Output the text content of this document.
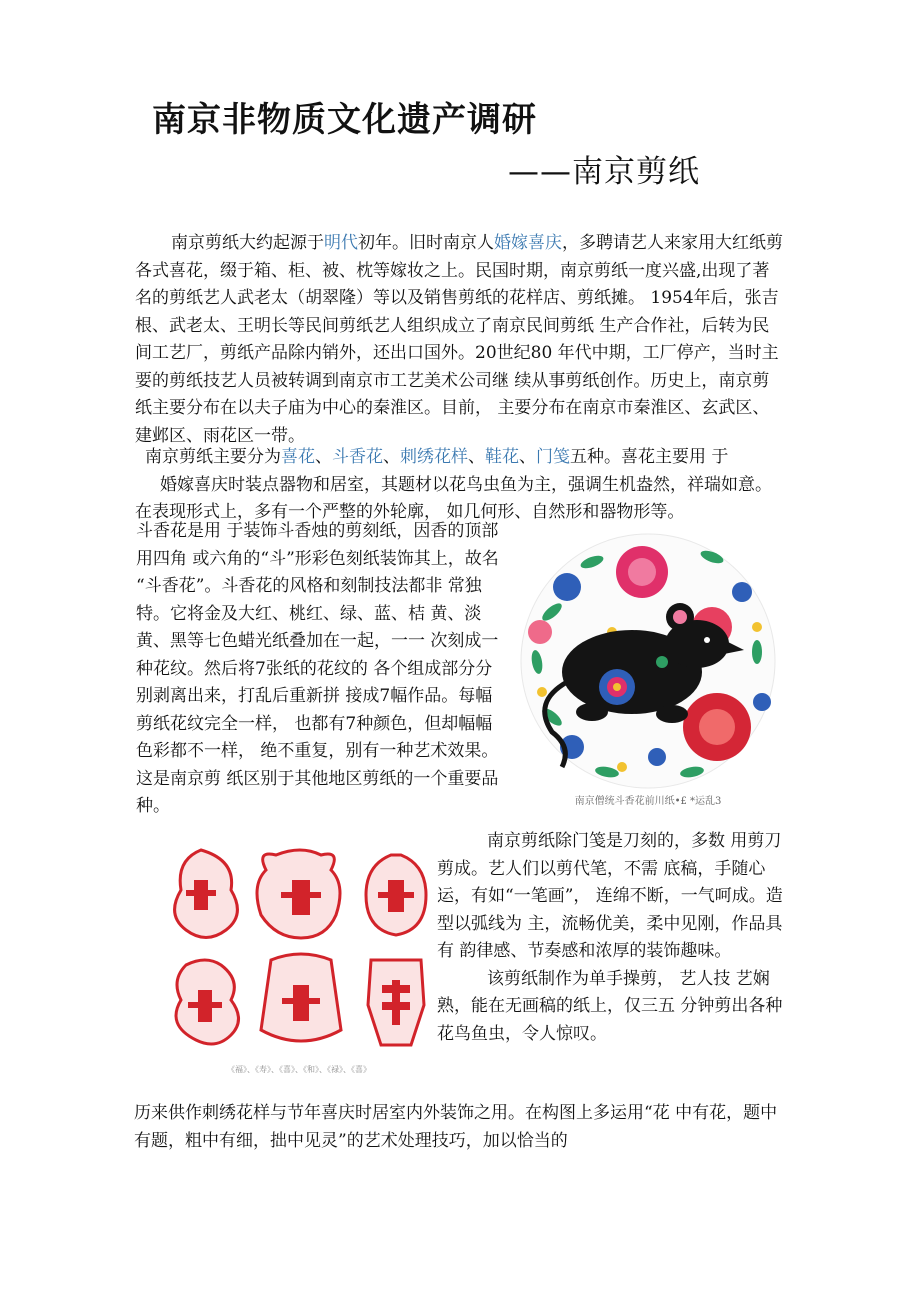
南京非物质文化遗产调研
——南京剪纸

南京剪纸大约起源于明代初年。旧时南京人婚嫁喜庆，多聘请艺人来家用大红纸剪各式喜花，缀于箱、柜、被、枕等嫁妆之上。民国时期，南京剪纸一度兴盛,出现了著名的剪纸艺人武老太（胡翠隆）等以及销售剪纸的花样店、剪纸摊。 1954年后，张吉根、武老太、王明长等民间剪纸艺人组织成立了南京民间剪纸 生产合作社，后转为民间工艺厂，剪纸产品除内销外，还出口国外。20世纪80 年代中期，工厂停产，当时主要的剪纸技艺人员被转调到南京市工艺美术公司继 续从事剪纸创作。历史上，南京剪纸主要分布在以夫子庙为中心的秦淮区。目前， 主要分布在南京市秦淮区、玄武区、建邺区、雨花区一带。

南京剪纸主要分为喜花、斗香花、刺绣花样、鞋花、门笺五种。喜花主要用 于

婚嫁喜庆时装点器物和居室，其题材以花鸟虫鱼为主，强调生机盎然，祥瑞如意。在表现形式上，多有一个严整的外轮廓， 如几何形、自然形和器物形等。

斗香花是用 于装饰斗香烛的剪刻纸，因香的顶部用四角 或六角的“斗”形彩色刻纸装饰其上，故名 “斗香花”。斗香花的风格和刻制技法都非 常独特。它将金及大红、桃红、绿、蓝、桔 黄、淡黄、黑等七色蜡光纸叠加在一起，一一 次刻成一种花纹。然后将7张纸的花纹的 各个组成部分分别剥离出来，打乱后重新拼 接成7幅作品。每幅剪纸花纹完全一样， 也都有7种颜色，但却幅幅色彩都不一样， 绝不重复，别有一种艺术效果。这是南京剪 纸区别于其他地区剪纸的一个重要品种。	南京僧统斗香花前川纸•£ *运乱3
《福》、《寿》、《喜》、《和》、《禄》、《喜》

南京剪纸除门笺是刀刻的，多数 用剪刀剪成。艺人们以剪代笔，不需 底稿，手随心运，有如“一笔画”， 连绵不断，一气呵成。造型以弧线为 主，流畅优美，柔中见刚，作品具有 韵律感、节奏感和浓厚的装饰趣味。

该剪纸制作为单手操剪， 艺人技 艺娴熟，能在无画稿的纸上，仅三五 分钟剪出各种花鸟鱼虫，令人惊叹。

历来供作刺绣花样与节年喜庆时居室内外装饰之用。在构图上多运用“花 中有花，题中有题，粗中有细，拙中见灵”的艺术处理技巧，加以恰当的
